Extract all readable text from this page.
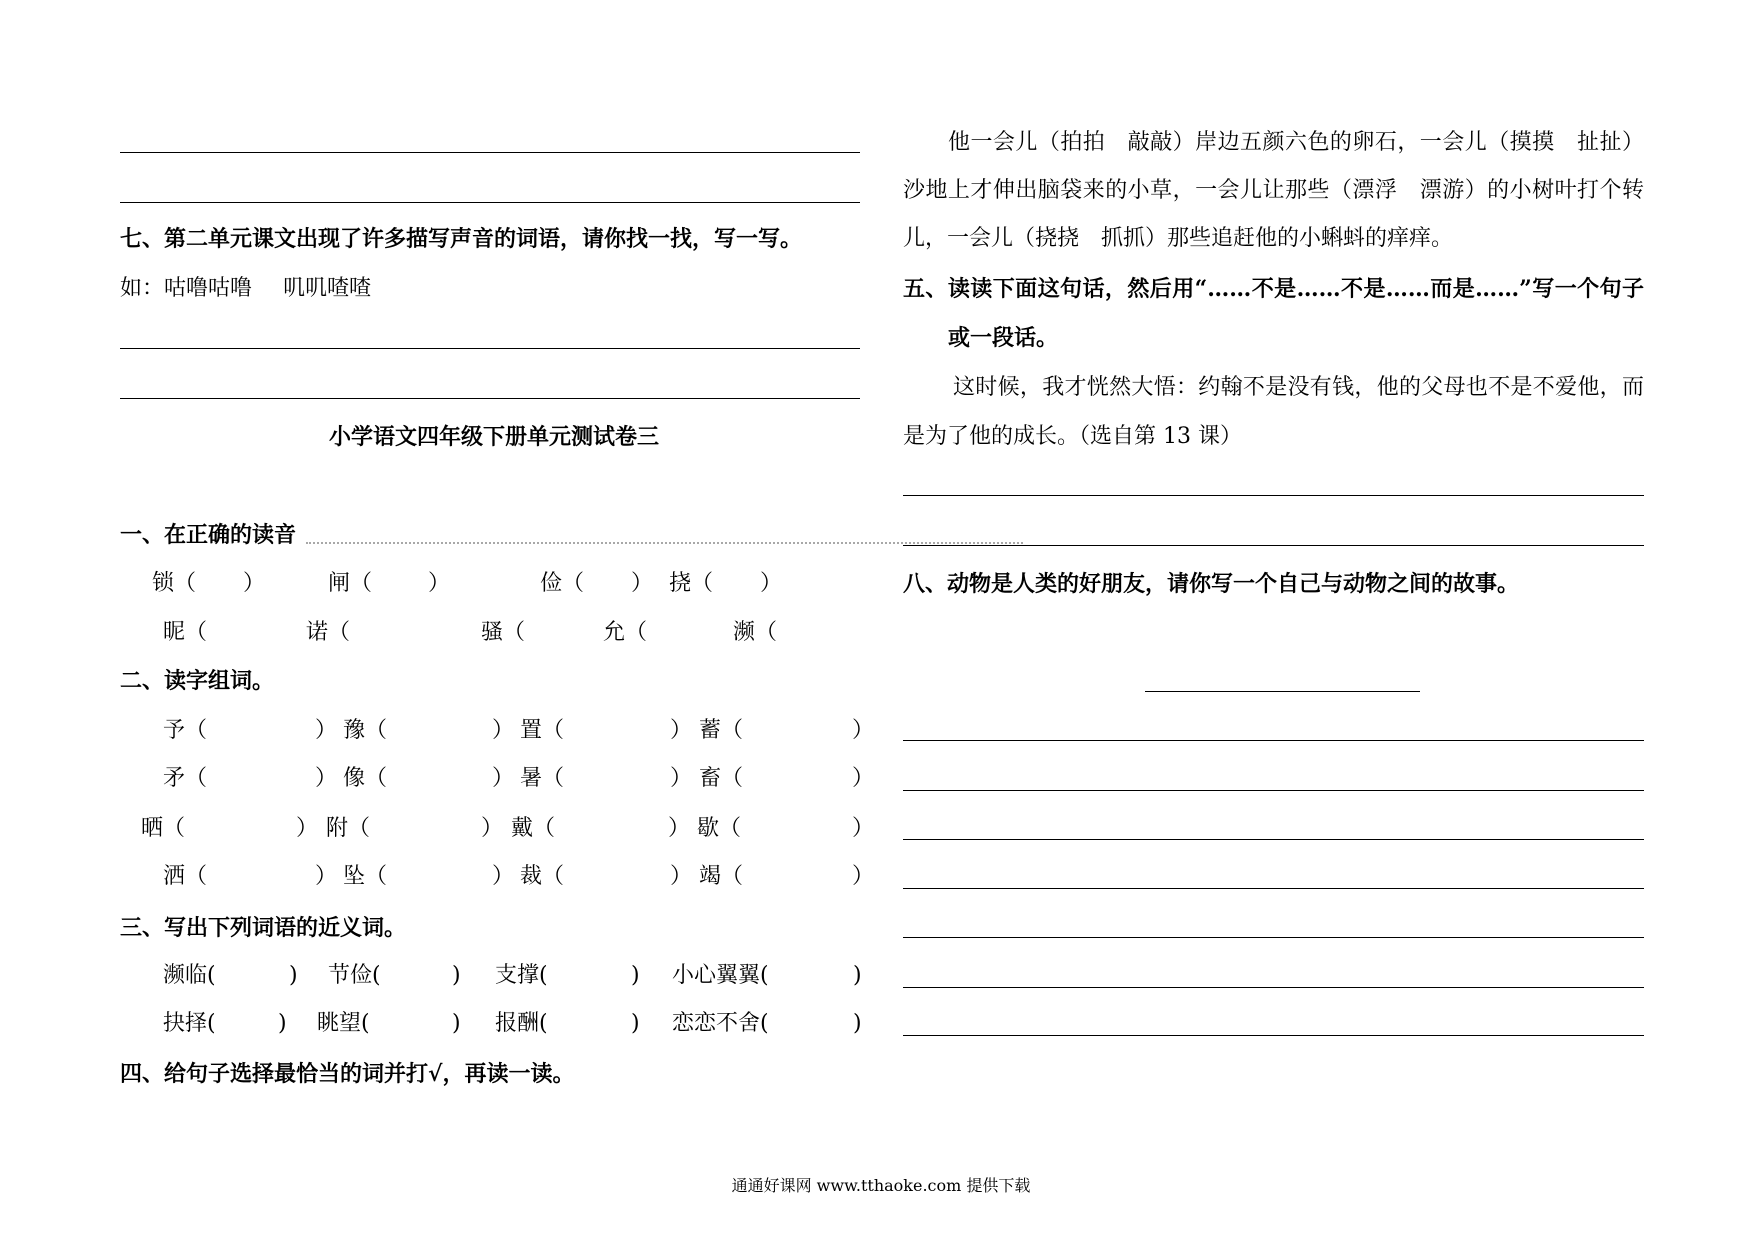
七、第二单元课文出现了许多描写声音的词语，请你找一找，写一写。
如：咕噜咕噜 叽叽喳喳
小学语文四年级下册单元测试卷三
一、在正确的读音
锁（ ）	闸（	）	俭（ ） 挠（ ）
昵（	诺（	骚（	允（	濒（
二、读字组词。
予（	） 豫（	） 置（	） 蓄（	）
矛（	） 像（	） 暑（	） 畜（	）
晒（	） 附（	） 戴（	） 歇（	）
洒（	） 坠（	） 裁（	） 竭（	）
三、写出下列词语的近义词。
濒临(	) 节俭(	) 支撑(	) 小心翼翼(	)
抉择(	) 眺望(	) 报酬(	) 恋恋不舍(	)
四、给句子选择最恰当的词并打√，再读一读。
他一会儿（拍拍　敲敲）岸边五颜六色的卵石，一会儿（摸摸　扯扯）
沙地上才伸出脑袋来的小草，一会儿让那些（漂浮　漂游）的小树叶打个转
儿，一会儿（挠挠　抓抓）那些追赶他的小蝌蚪的痒痒。
五、读读下面这句话，然后用“……不是……不是……而是……”写一个句子
或一段话。
这时候，我才恍然大悟：约翰不是没有钱，他的父母也不是不爱他，而
是为了他的成长。（选自第 13 课）
八、动物是人类的好朋友，请你写一个自己与动物之间的故事。
通通好课网 www.tthaoke.com 提供下载
